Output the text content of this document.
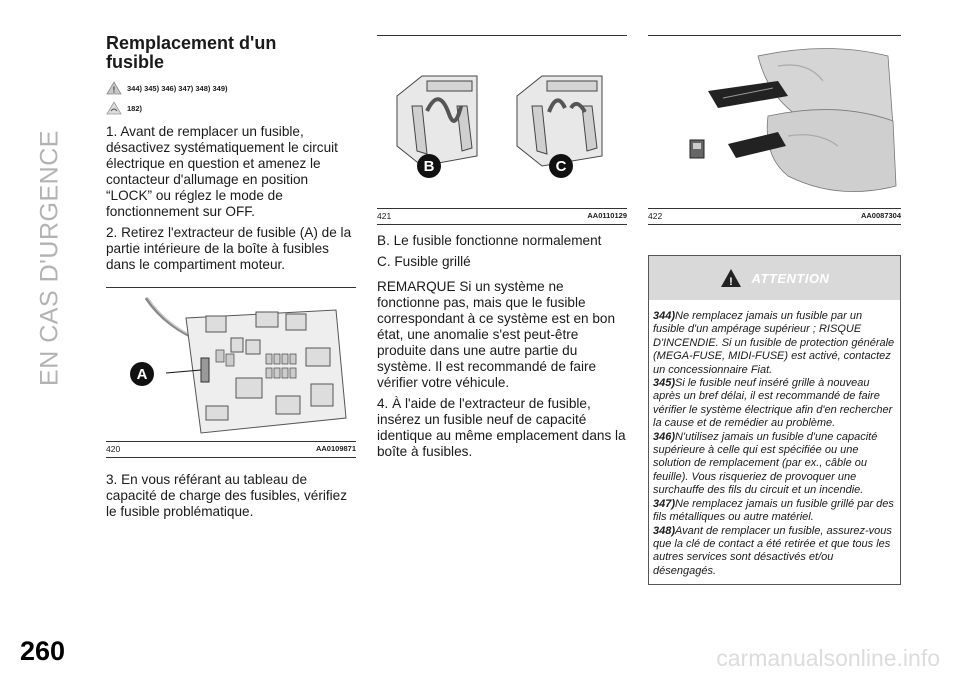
EN CAS D'URGENCE
260	carmanualsonline.info
Remplacement d'un
fusible
! 344) 345) 346) 347) 348) 349)
182)

1. Avant de remplacer un fusible, désactivez systématiquement le circuit électrique en question et amenez le contacteur d'allumage en position “LOCK” ou réglez le mode de fonctionnement sur OFF.

2. Retirez l'extracteur de fusible (A) de la partie intérieure de la boîte à fusibles dans le compartiment moteur.

A
420	AA0109871

3. En vous référant au tableau de capacité de charge des fusibles, vérifiez le fusible problématique.

B	C
421	AA0110129

B. Le fusible fonctionne normalement

C. Fusible grillé

REMARQUE Si un système ne fonctionne pas, mais que le fusible correspondant à ce système est en bon état, une anomalie s'est peut-être produite dans une autre partie du système. Il est recommandé de faire vérifier votre véhicule.

4. À l'aide de l'extracteur de fusible, insérez un fusible neuf de capacité identique au même emplacement dans la boîte à fusibles.

422	AA0087304
! ATTENTION

344)Ne remplacez jamais un fusible par un fusible d'un ampérage supérieur ; RISQUE D'INCENDIE. Si un fusible de protection générale (MEGA-FUSE, MIDI-FUSE) est activé, contactez un concessionnaire Fiat.

345)Si le fusible neuf inséré grille à nouveau après un bref délai, il est recommandé de faire vérifier le système électrique afin d'en rechercher la cause et de remédier au problème.

346)N'utilisez jamais un fusible d'une capacité supérieure à celle qui est spécifiée ou une solution de remplacement (par ex., câble ou feuille). Vous risqueriez de provoquer une surchauffe des fils du circuit et un incendie.

347)Ne remplacez jamais un fusible grillé par des fils métalliques ou autre matériel.

348)Avant de remplacer un fusible, assurez-vous que la clé de contact a été retirée et que tous les autres services sont désactivés et/ou désengagés.
